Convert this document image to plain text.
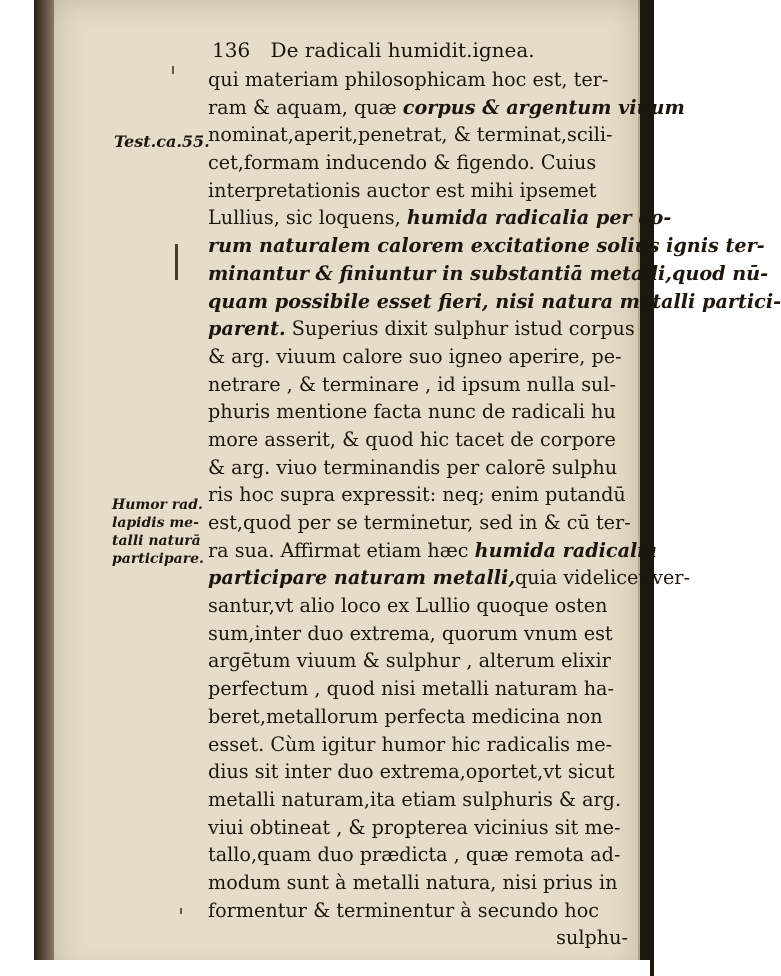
136 De radicali humidit.ignea.
Test.ca.55.
Humor rad.
lapidis me-
talli naturā
participare.
qui materiam philosophicam hoc est, ter-
ram & aquam, quæ corpus & argentum viuum
nominat,aperit,penetrat, & terminat,scili-
cet,formam inducendo & figendo. Cuius
interpretationis auctor est mihi ipsemet
Lullius, sic loquens, humida radicalia per eo-
rum naturalem calorem excitatione solius ignis ter-
minantur & finiuntur in substantiā metalli,quod nū-
quam possibile esset fieri, nisi natura metalli partici-
parent. Superius dixit sulphur istud corpus
& arg. viuum calore suo igneo aperire, pe-
netrare , & terminare , id ipsum nulla sul-
phuris mentione facta nunc de radicali hu
more asserit, & quod hic tacet de corpore
& arg. viuo terminandis per calorē sulphu
ris hoc supra expressit: neq; enim putandū
est,quod per se terminetur, sed in & cū ter-
ra sua. Affirmat etiam hæc humida radicalia
participare naturam metalli,quia videlicet ver-
santur,vt alio loco ex Lullio quoque osten
sum,inter duo extrema, quorum vnum est
argētum viuum & sulphur , alterum elixir
perfectum , quod nisi metalli naturam ha-
beret,metallorum perfecta medicina non
esset. Cùm igitur humor hic radicalis me-
dius sit inter duo extrema,oportet,vt sicut
metalli naturam,ita etiam sulphuris & arg.
viui obtineat , & propterea vicinius sit me-
tallo,quam duo prædicta , quæ remota ad-
modum sunt à metalli natura, nisi prius in
formentur & terminentur à secundo hoc
sulphu-
